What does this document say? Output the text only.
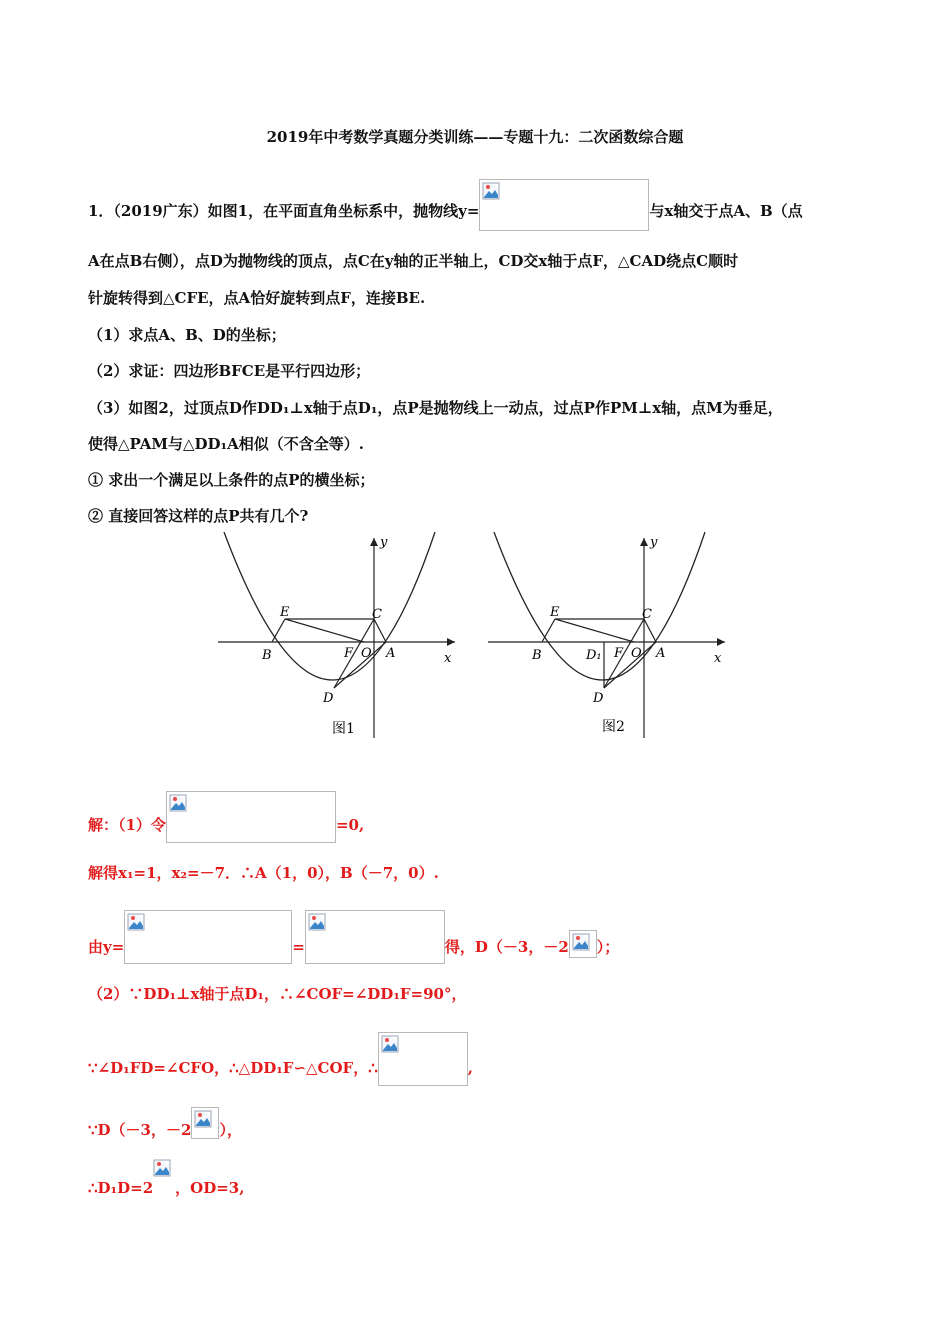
2019年中考数学真题分类训练——专题十九：二次函数综合题
1．（2019广东）如图1，在平面直角坐标系中，抛物线y=	与x轴交于点A、B（点
A在点B右侧），点D为抛物线的顶点，点C在y轴的正半轴上，CD交x轴于点F，△CAD绕点C顺时
针旋转得到△CFE，点A恰好旋转到点F，连接BE.
（1）求点A、B、D的坐标；
（2）求证：四边形BFCE是平行四边形；
（3）如图2，过顶点D作DD₁⊥x轴于点D₁，点P是抛物线上一动点，过点P作PM⊥x轴，点M为垂足，
使得△PAM与△DD₁A相似（不含全等）.
① 求出一个满足以上条件的点P的横坐标；
② 直接回答这样的点P共有几个?
y
x
E	C
B	F O A
D
图1
y
x
E	C
B	D₁ F O A
D
图2
解：（1）令	=0,
解得x₁=1，x₂=－7．∴A（1，0），B（－7，0）.
由y=	=	得，D（－3，－2 ）；
（2）∵DD₁⊥x轴于点D₁，∴∠COF=∠DD₁F=90°，
∵∠D₁FD=∠CFO，∴△DD₁F∽△COF，∴	,
∵D（－3，－2 ），
∴D₁D=2 ，OD=3,
